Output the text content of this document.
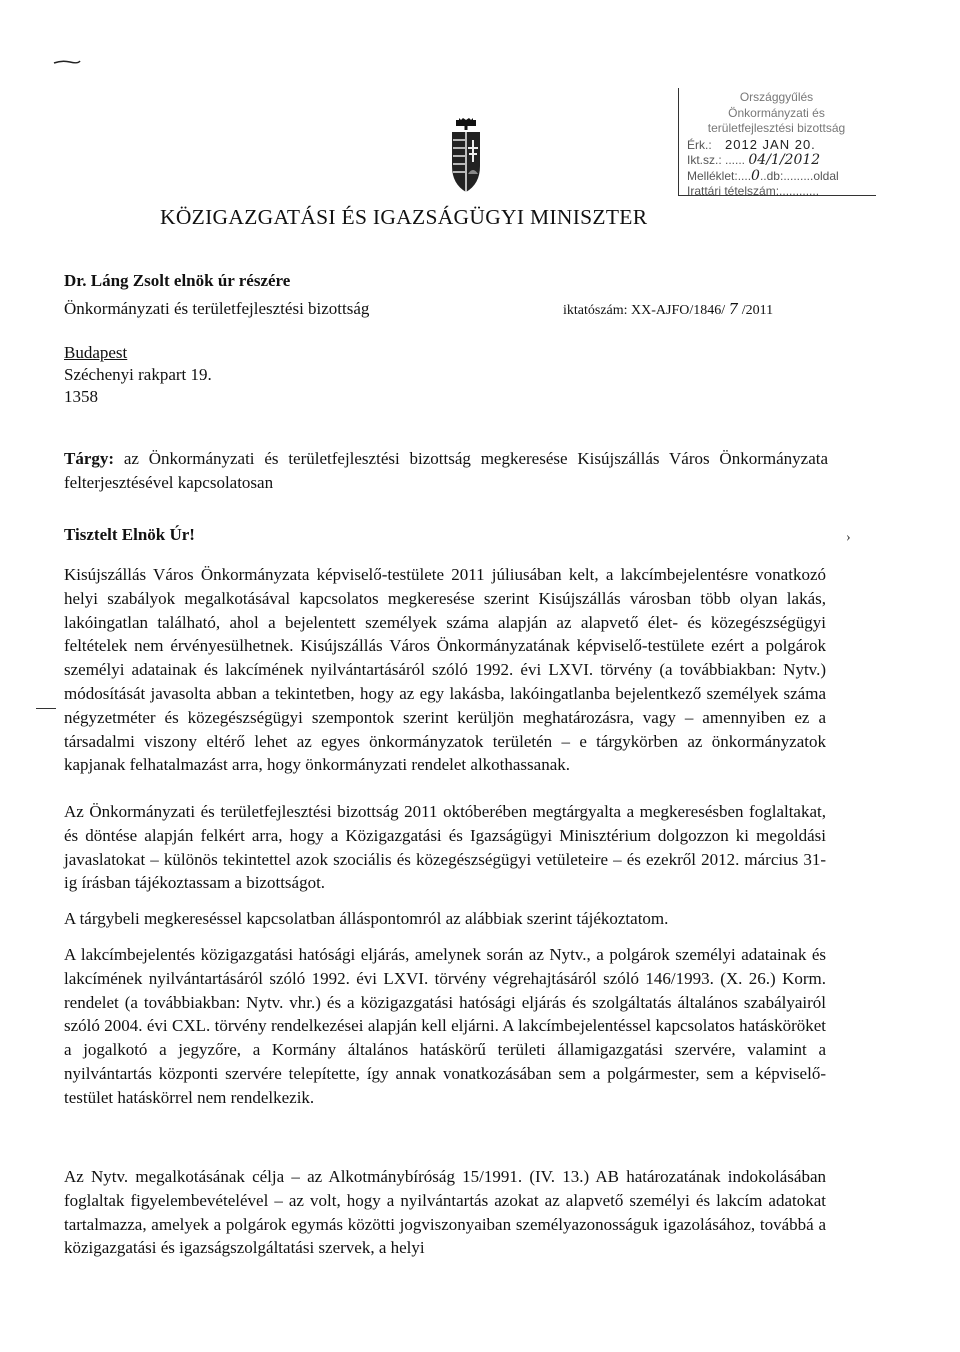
KÖZIGAZGATÁSI ÉS IGAZSÁGÜGYI MINISZTER
Országgyűlés
Önkormányzati és
területfejlesztési bizottság
Érk.: 2012 JAN 20.
Ikt.sz.: ...... 04/1/2012
Melléklet:....0..db:.........oldal
Irattári tételszám:............
Dr. Láng Zsolt elnök úr részére
Önkormányzati és területfejlesztési bizottság	iktatószám: XX-AJFO/1846/ 7 /2011
Budapest
Széchenyi rakpart 19.
1358
Tárgy: az Önkormányzati és területfejlesztési bizottság megkeresése Kisújszállás Város Önkormányzata felterjesztésével kapcsolatosan
Tisztelt Elnök Úr!	›

Kisújszállás Város Önkormányzata képviselő-testülete 2011 júliusában kelt, a lakcímbejelentésre vonatkozó helyi szabályok megalkotásával kapcsolatos megkeresése szerint Kisújszállás városban több olyan lakás, lakóingatlan található, ahol a bejelentett személyek száma alapján az alapvető élet- és közegészségügyi feltételek nem érvényesülhetnek. Kisújszállás Város Önkormányzatának képviselő-testülete ezért a polgárok személyi adatainak és lakcímének nyilvántartásáról szóló 1992. évi LXVI. törvény (a továbbiakban: Nytv.) módosítását javasolta abban a tekintetben, hogy az egy lakásba, lakóingatlanba bejelentkező személyek száma négyzetméter és közegészségügyi szempontok szerint kerüljön meghatározásra, vagy – amennyiben ez a társadalmi viszony eltérő lehet az egyes önkormányzatok területén – e tárgykörben az önkormányzatok kapjanak felhatalmazást arra, hogy önkormányzati rendelet alkothassanak.

Az Önkormányzati és területfejlesztési bizottság 2011 októberében megtárgyalta a megkeresésben foglaltakat, és döntése alapján felkért arra, hogy a Közigazgatási és Igazságügyi Minisztérium dolgozzon ki megoldási javaslatokat – különös tekintettel azok szociális és közegészségügyi vetületeire – és ezekről 2012. március 31-ig írásban tájékoztassam a bizottságot.

A tárgybeli megkereséssel kapcsolatban álláspontomról az alábbiak szerint tájékoztatom.

A lakcímbejelentés közigazgatási hatósági eljárás, amelynek során az Nytv., a polgárok személyi adatainak és lakcímének nyilvántartásáról szóló 1992. évi LXVI. törvény végrehajtásáról szóló 146/1993. (X. 26.) Korm. rendelet (a továbbiakban: Nytv. vhr.) és a közigazgatási hatósági eljárás és szolgáltatás általános szabályairól szóló 2004. évi CXL. törvény rendelkezései alapján kell eljárni. A lakcímbejelentéssel kapcsolatos hatásköröket a jogalkotó a jegyzőre, a Kormány általános hatáskörű területi államigazgatási szervére, valamint a nyilvántartás központi szervére telepítette, így annak vonatkozásában sem a polgármester, sem a képviselő-testület hatáskörrel nem rendelkezik.

Az Nytv. megalkotásának célja – az Alkotmánybíróság 15/1991. (IV. 13.) AB határozatának indokolásában foglaltak figyelembevételével – az volt, hogy a nyilvántartás azokat az alapvető személyi és lakcím adatokat tartalmazza, amelyek a polgárok egymás közötti jogviszonyaiban személyazonosságuk igazolásához, továbbá a közigazgatási és igazságszolgáltatási szervek, a helyi
